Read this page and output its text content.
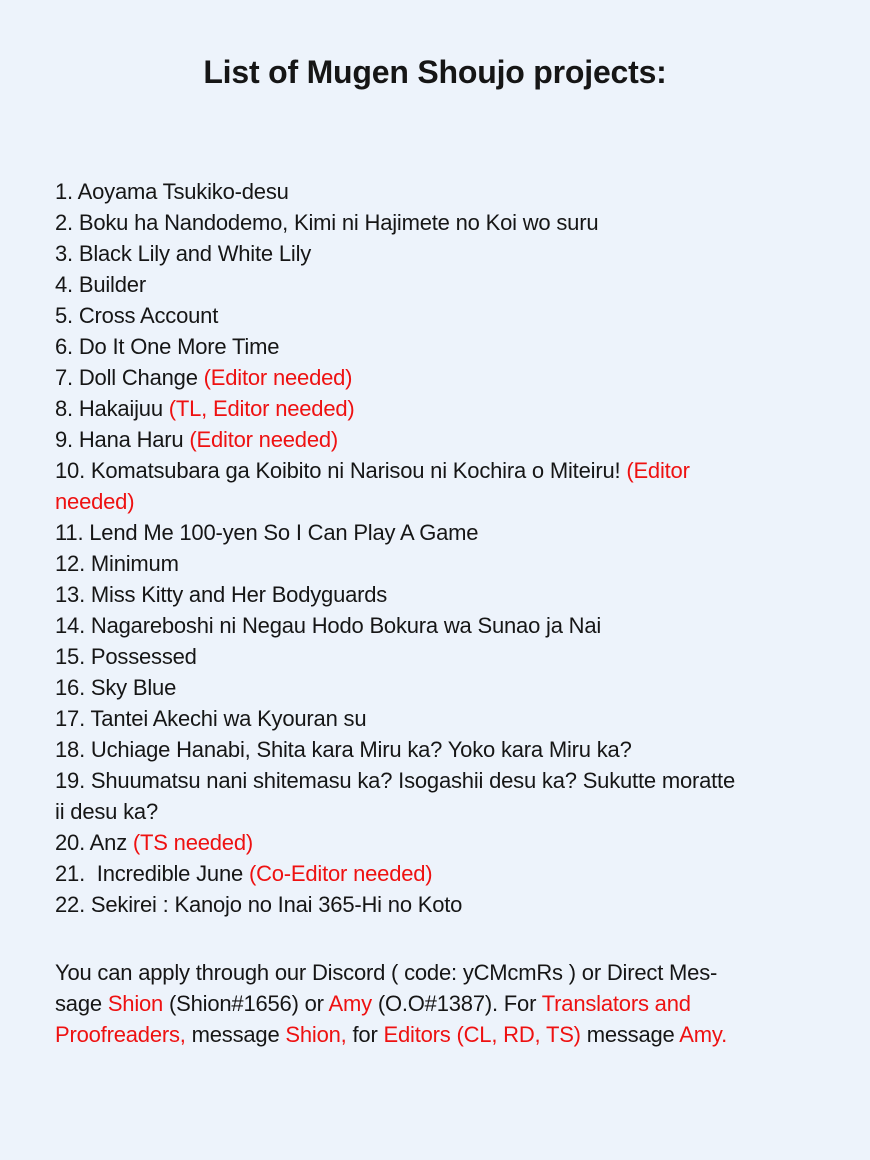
List of Mugen Shoujo projects:

1. Aoyama Tsukiko-desu

2. Boku ha Nandodemo, Kimi ni Hajimete no Koi wo suru

3. Black Lily and White Lily

4. Builder

5. Cross Account

6. Do It One More Time

7. Doll Change (Editor needed)

8. Hakaijuu (TL, Editor needed)

9. Hana Haru (Editor needed)

10. Komatsubara ga Koibito ni Narisou ni Kochira o Miteiru! (Editor
needed)

11. Lend Me 100-yen So I Can Play A Game

12. Minimum

13. Miss Kitty and Her Bodyguards

14. Nagareboshi ni Negau Hodo Bokura wa Sunao ja Nai

15. Possessed

16. Sky Blue

17. Tantei Akechi wa Kyouran su

18. Uchiage Hanabi, Shita kara Miru ka? Yoko kara Miru ka?

19. Shuumatsu nani shitemasu ka? Isogashii desu ka? Sukutte moratte
ii desu ka?

20. Anz (TS needed)

21.  Incredible June (Co-Editor needed)

22. Sekirei : Kanojo no Inai 365-Hi no Koto

You can apply through our Discord ( code: yCMcmRs ) or Direct Mes-
sage Shion (Shion#1656) or Amy (O.O#1387). For Translators and
Proofreaders, message Shion, for Editors (CL, RD, TS) message Amy.
